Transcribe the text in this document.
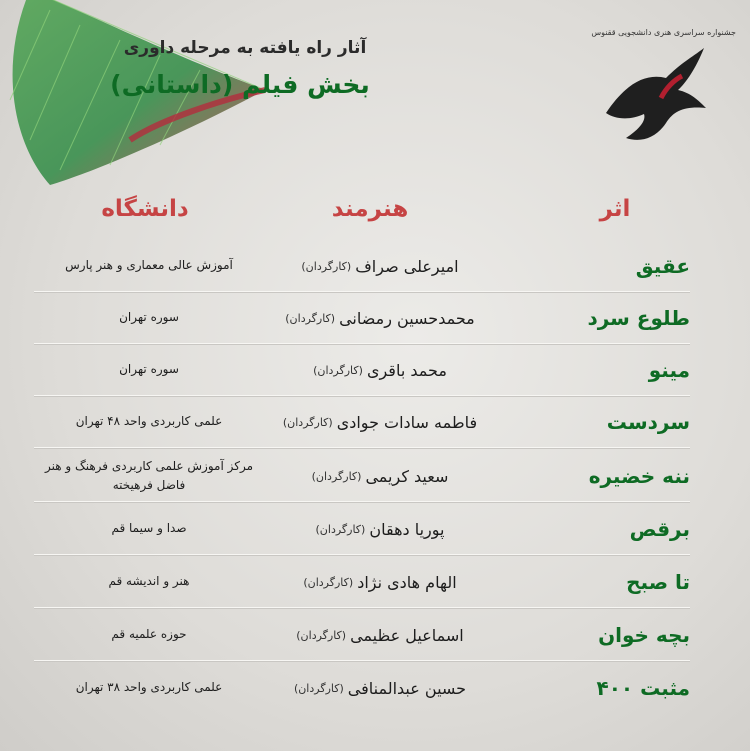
جشنواره سراسری هنری دانشجویی ققنوس
آثار راه یافته به مرحله داوری
بخش فیلم (داستانی)
اثر
هنرمند
دانشگاه
عقیق
امیرعلی صراف
(کارگردان)
آموزش عالی معماری و هنر پارس
طلوع سرد
محمدحسین رمضانی
(کارگردان)
سوره تهران
مینو
محمد باقری
(کارگردان)
سوره تهران
سردست
فاطمه سادات جوادی
(کارگردان)
علمی کاربردی واحد ۴۸ تهران
ننه خضیره
سعید کریمی
(کارگردان)
مرکز آموزش علمی کاربردی فرهنگ و هنر فاضل فرهیخته
برقص
پوریا دهقان
(کارگردان)
صدا و سیما قم
تا صبح
الهام هادی نژاد
(کارگردان)
هنر و اندیشه قم
بچه خوان
اسماعیل عظیمی
(کارگردان)
حوزه علمیه قم
مثبت ۴۰۰
حسین عبدالمنافی
(کارگردان)
علمی کاربردی واحد ۳۸ تهران
